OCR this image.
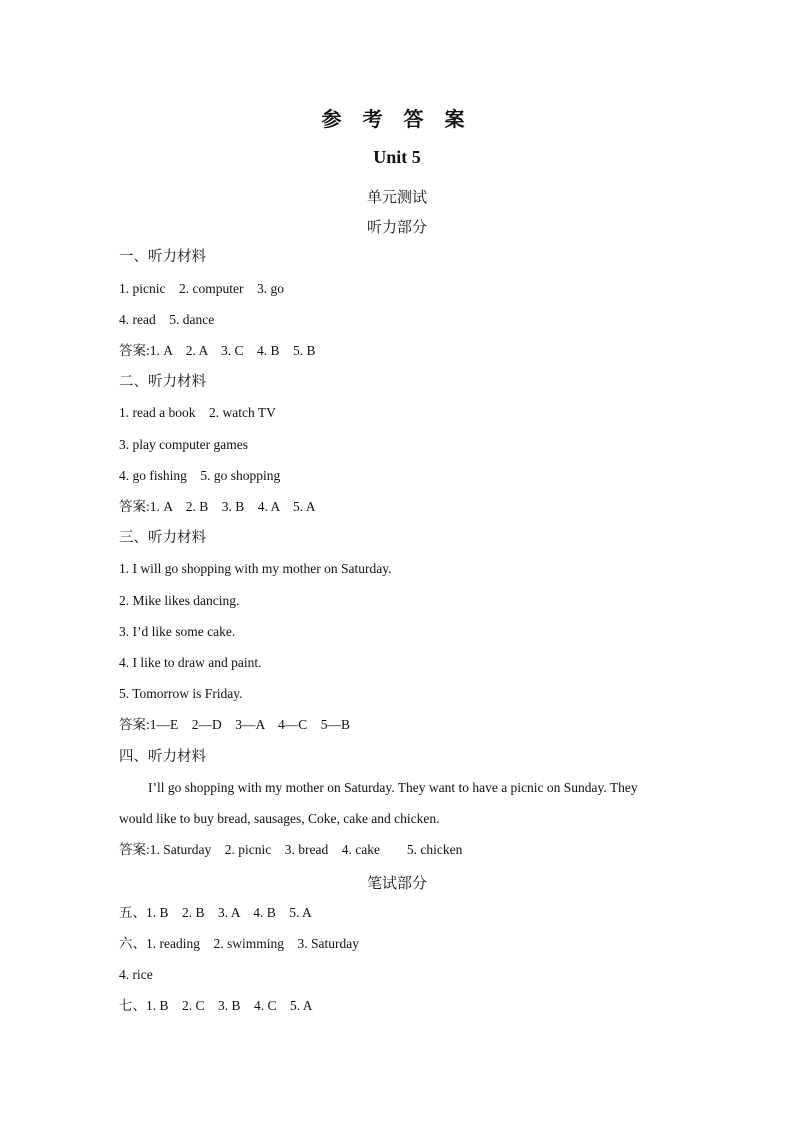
参 考 答 案
Unit 5
单元测试
听力部分
一、听力材料
1. picnic    2. computer    3. go
4. read    5. dance
答案:1. A    2. A    3. C    4. B    5. B
二、听力材料
1. read a book    2. watch TV
3. play computer games
4. go fishing    5. go shopping
答案:1. A    2. B    3. B    4. A    5. A
三、听力材料
1. I will go shopping with my mother on Saturday.
2. Mike likes dancing.
3. I’d like some cake.
4. I like to draw and paint.
5. Tomorrow is Friday.
答案:1—E    2—D    3—A    4—C    5—B
四、听力材料
I’ll go shopping with my mother on Saturday. They want to have a picnic on Sunday. They
would like to buy bread, sausages, Coke, cake and chicken.
答案:1. Saturday    2. picnic    3. bread    4. cake        5. chicken
笔试部分
五、1. B    2. B    3. A    4. B    5. A
六、1. reading    2. swimming    3. Saturday
4. rice
七、1. B    2. C    3. B    4. C    5. A
